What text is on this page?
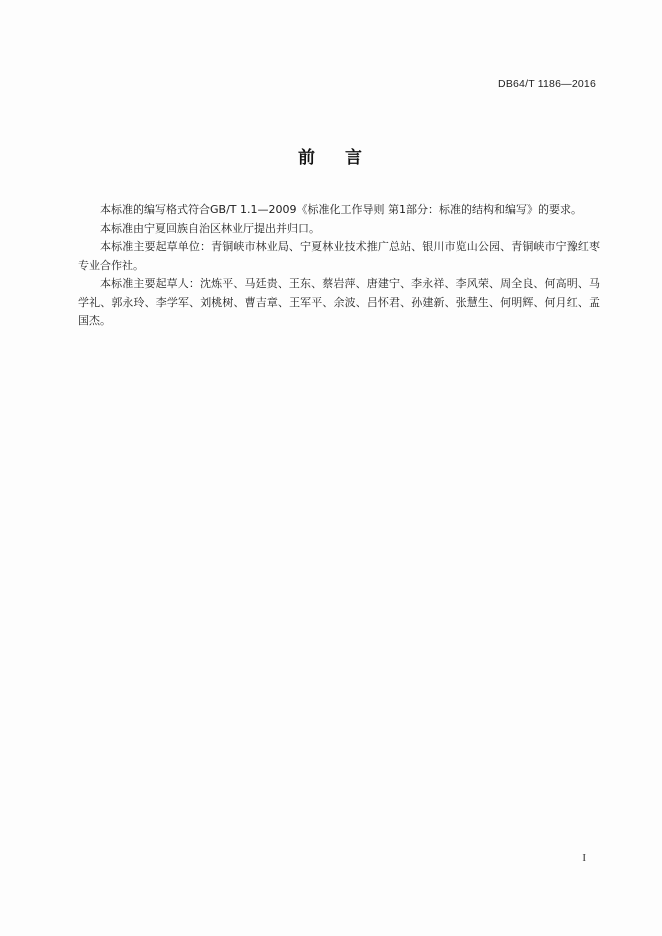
DB64/T 1186—2016
前 言

本标准的编写格式符合GB/T 1.1—2009《标准化工作导则 第1部分：标准的结构和编写》的要求。

本标准由宁夏回族自治区林业厅提出并归口。

本标准主要起草单位：青铜峡市林业局、宁夏林业技术推广总站、银川市览山公园、青铜峡市宁豫红枣专业合作社。

本标准主要起草人：沈炼平、马廷贵、王东、蔡岩萍、唐建宁、李永祥、李风荣、周全良、何高明、马学礼、郭永玲、李学军、刘桃树、曹吉章、王军平、余波、吕怀君、孙建新、张慧生、何明辉、何月红、孟国杰。

I
